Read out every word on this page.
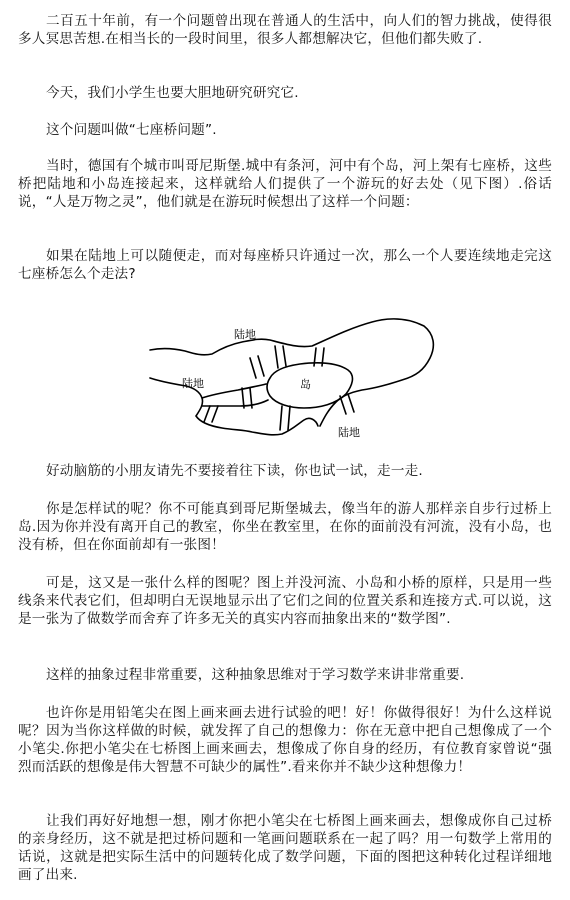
二百五十年前，有一个问题曾出现在普通人的生活中，向人们的智力挑战，使得很多人冥思苦想.在相当长的一段时间里，很多人都想解决它，但他们都失败了.

今天，我们小学生也要大胆地研究研究它.

这个问题叫做“七座桥问题”.

当时，德国有个城市叫哥尼斯堡.城中有条河，河中有个岛，河上架有七座桥，这些桥把陆地和小岛连接起来，这样就给人们提供了一个游玩的好去处（见下图）.俗话说，“人是万物之灵”，他们就是在游玩时候想出了这样一个问题：

如果在陆地上可以随便走，而对每座桥只许通过一次，那么一个人要连续地走完这七座桥怎么个走法?

陆地
陆地	岛
陆地

好动脑筋的小朋友请先不要接着往下读，你也试一试，走一走.

你是怎样试的呢？你不可能真到哥尼斯堡城去，像当年的游人那样亲自步行过桥上岛.因为你并没有离开自己的教室，你坐在教室里，在你的面前没有河流，没有小岛，也没有桥，但在你面前却有一张图！

可是，这又是一张什么样的图呢？图上并没河流、小岛和小桥的原样，只是用一些线条来代表它们，但却明白无误地显示出了它们之间的位置关系和连接方式.可以说，这是一张为了做数学而舍弃了许多无关的真实内容而抽象出来的“数学图”.

这样的抽象过程非常重要，这种抽象思维对于学习数学来讲非常重要.

也许你是用铅笔尖在图上画来画去进行试验的吧！好！你做得很好！为什么这样说呢？因为当你这样做的时候，就发挥了自己的想像力：你在无意中把自己想像成了一个小笔尖.你把小笔尖在七桥图上画来画去，想像成了你自身的经历，有位教育家曾说“强烈而活跃的想像是伟大智慧不可缺少的属性”.看来你并不缺少这种想像力！

让我们再好好地想一想，刚才你把小笔尖在七桥图上画来画去，想像成你自己过桥的亲身经历，这不就是把过桥问题和一笔画问题联系在一起了吗？用一句数学上常用的话说，这就是把实际生活中的问题转化成了数学问题，下面的图把这种转化过程详细地画了出来.
